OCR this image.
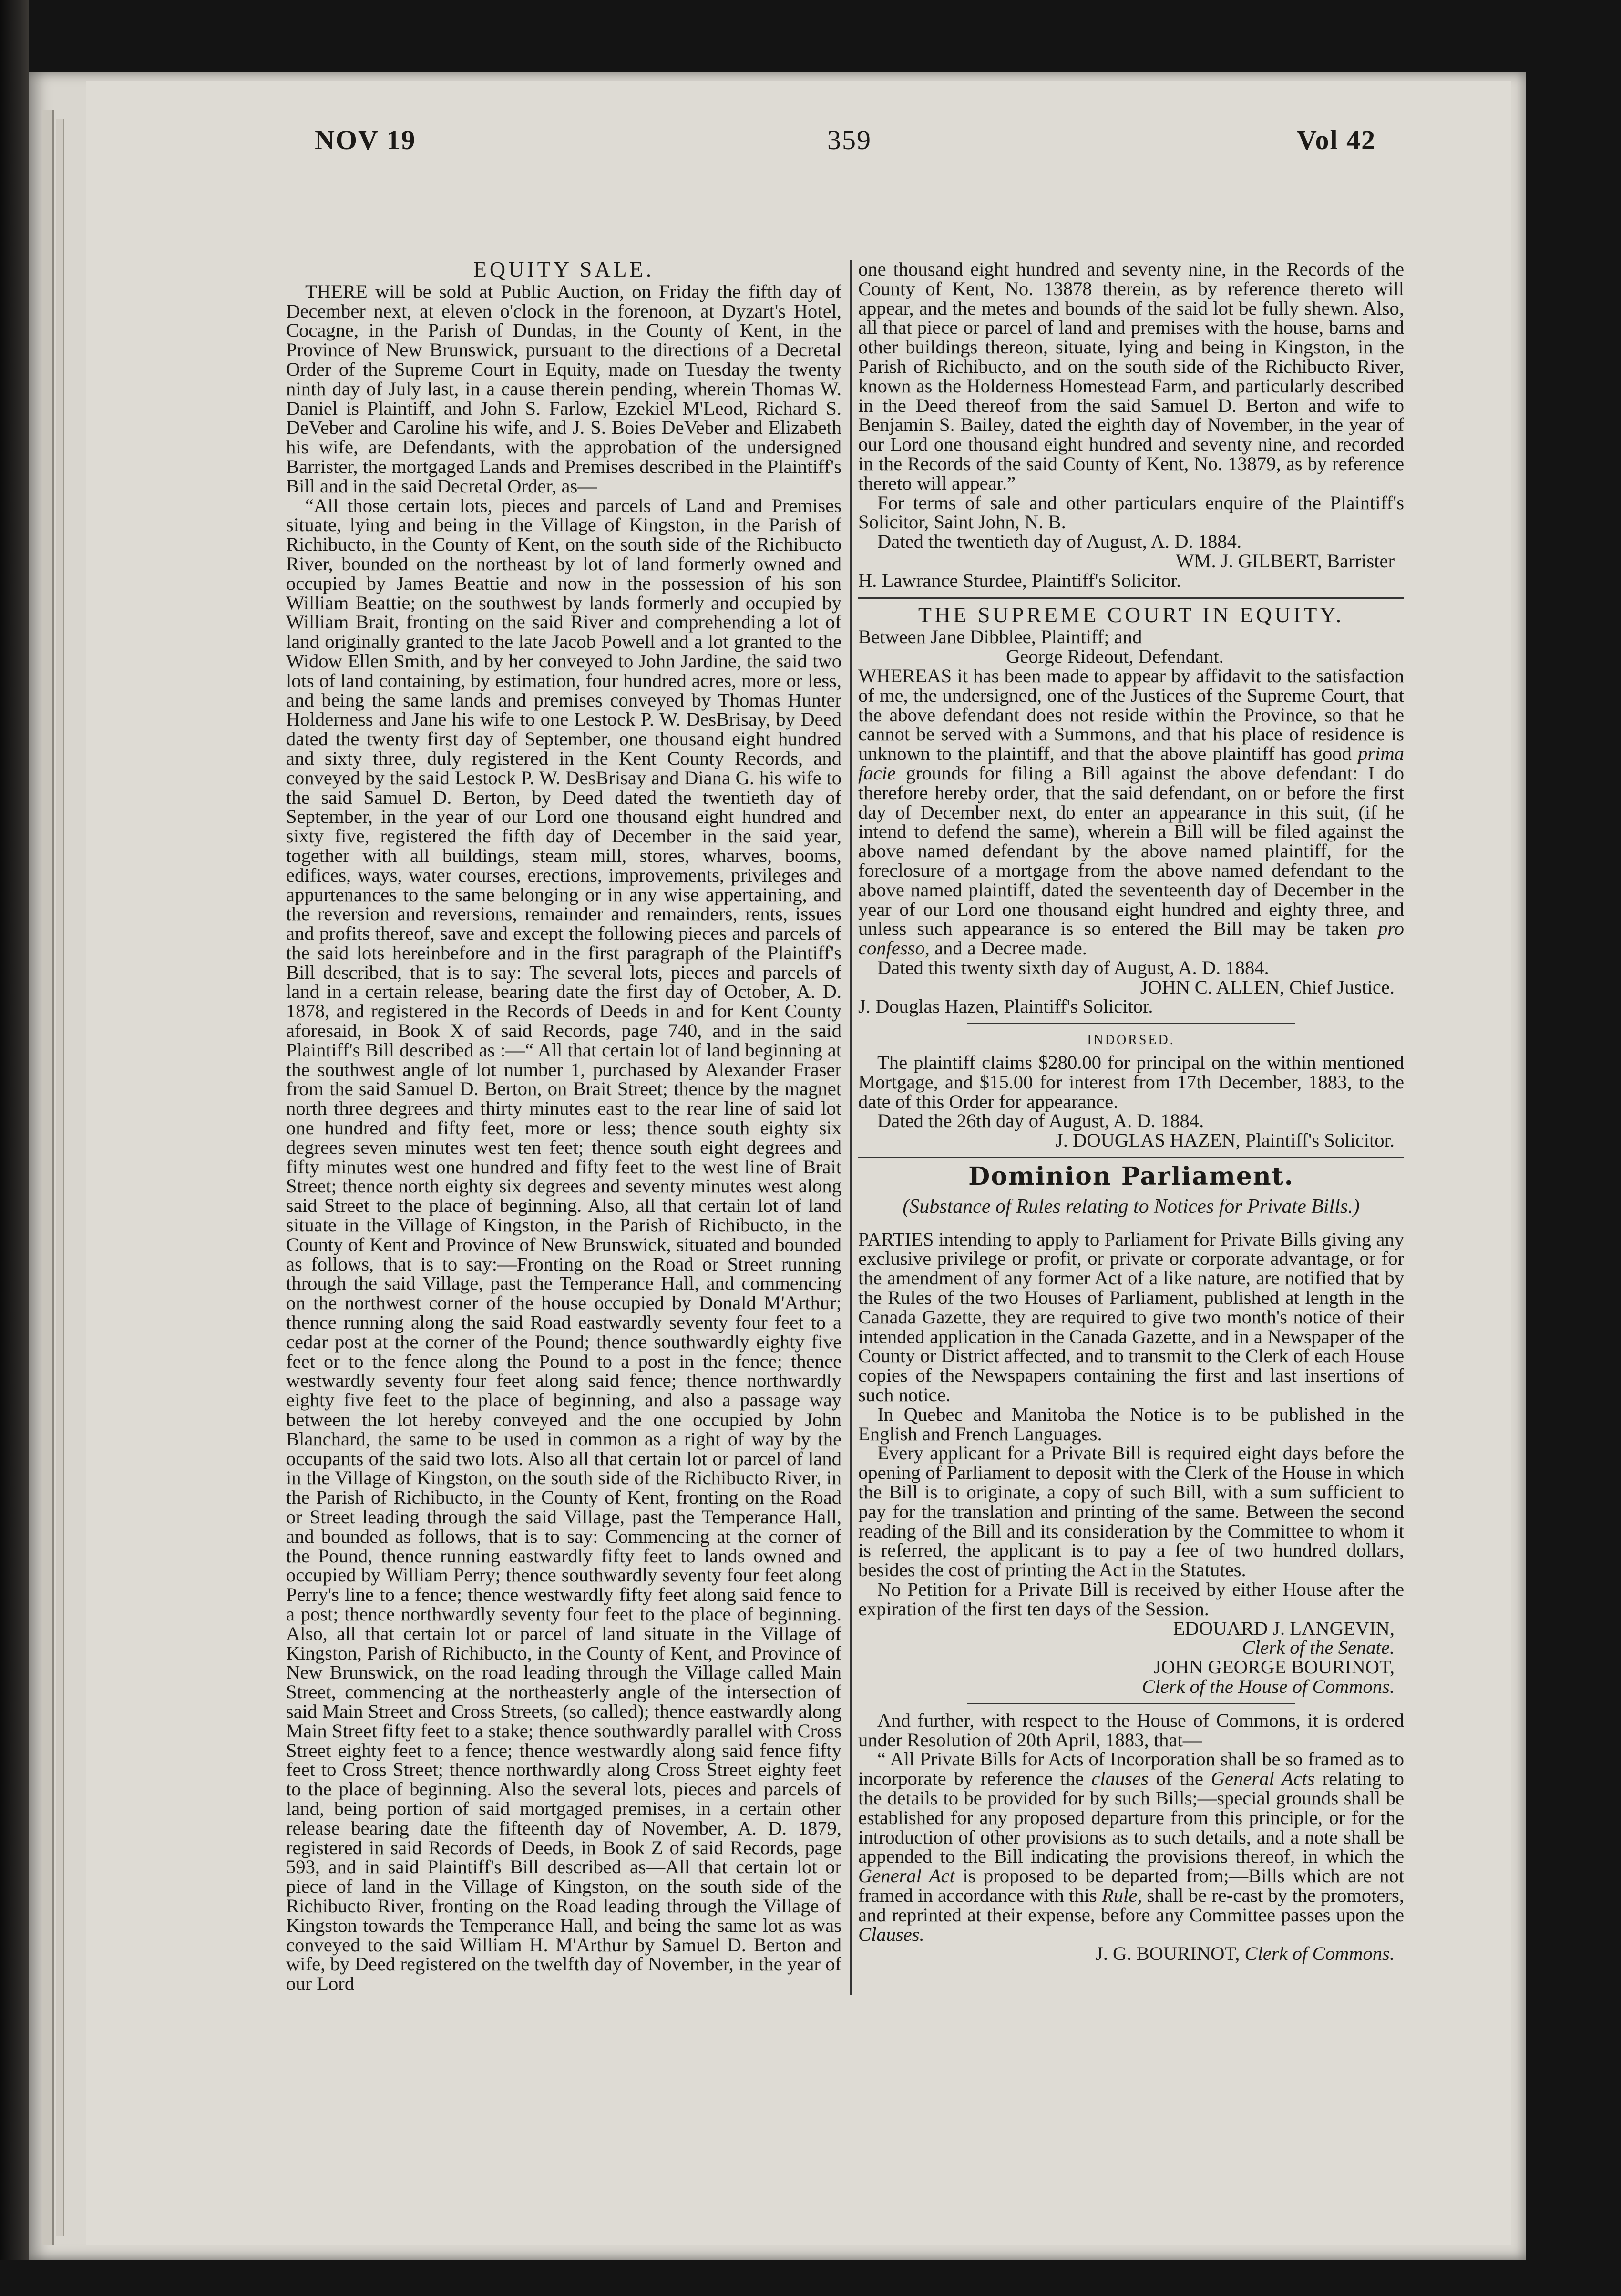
NOV 19	359	Vol 42
EQUITY SALE.

THERE will be sold at Public Auction, on Friday the fifth day of December next, at eleven o'clock in the forenoon, at Dyzart's Hotel, Cocagne, in the Parish of Dundas, in the County of Kent, in the Province of New Brunswick, pursuant to the directions of a Decretal Order of the Supreme Court in Equity, made on Tuesday the twenty ninth day of July last, in a cause therein pending, wherein Thomas W. Daniel is Plaintiff, and John S. Farlow, Ezekiel M'Leod, Richard S. DeVeber and Caroline his wife, and J. S. Boies DeVeber and Elizabeth his wife, are Defendants, with the approbation of the undersigned Barrister, the mortgaged Lands and Premises described in the Plaintiff's Bill and in the said Decretal Order, as—

“All those certain lots, pieces and parcels of Land and Premises situate, lying and being in the Village of Kingston, in the Parish of Richibucto, in the County of Kent, on the south side of the Richibucto River, bounded on the northeast by lot of land formerly owned and occupied by James Beattie and now in the possession of his son William Beattie; on the southwest by lands formerly and occupied by William Brait, fronting on the said River and comprehending a lot of land originally granted to the late Jacob Powell and a lot granted to the Widow Ellen Smith, and by her conveyed to John Jardine, the said two lots of land containing, by estimation, four hundred acres, more or less, and being the same lands and premises conveyed by Thomas Hunter Holderness and Jane his wife to one Lestock P. W. DesBrisay, by Deed dated the twenty first day of September, one thousand eight hundred and sixty three, duly registered in the Kent County Records, and conveyed by the said Lestock P. W. DesBrisay and Diana G. his wife to the said Samuel D. Berton, by Deed dated the twentieth day of September, in the year of our Lord one thousand eight hundred and sixty five, registered the fifth day of December in the said year, together with all buildings, steam mill, stores, wharves, booms, edifices, ways, water courses, erections, improvements, privileges and appurtenances to the same belonging or in any wise appertaining, and the reversion and reversions, remainder and remainders, rents, issues and profits thereof, save and except the following pieces and parcels of the said lots hereinbefore and in the first paragraph of the Plaintiff's Bill described, that is to say: The several lots, pieces and parcels of land in a certain release, bearing date the first day of October, A. D. 1878, and registered in the Records of Deeds in and for Kent County aforesaid, in Book X of said Records, page 740, and in the said Plaintiff's Bill described as :—“ All that certain lot of land beginning at the southwest angle of lot number 1, purchased by Alexander Fraser from the said Samuel D. Berton, on Brait Street; thence by the magnet north three degrees and thirty minutes east to the rear line of said lot one hundred and fifty feet, more or less; thence south eighty six degrees seven minutes west ten feet; thence south eight degrees and fifty minutes west one hundred and fifty feet to the west line of Brait Street; thence north eighty six degrees and seventy minutes west along said Street to the place of beginning. Also, all that certain lot of land situate in the Village of Kingston, in the Parish of Richibucto, in the County of Kent and Province of New Brunswick, situated and bounded as follows, that is to say:—Fronting on the Road or Street running through the said Village, past the Temperance Hall, and commencing on the northwest corner of the house occupied by Donald M'Arthur; thence running along the said Road eastwardly seventy four feet to a cedar post at the corner of the Pound; thence southwardly eighty five feet or to the fence along the Pound to a post in the fence; thence westwardly seventy four feet along said fence; thence northwardly eighty five feet to the place of beginning, and also a passage way between the lot hereby conveyed and the one occupied by John Blanchard, the same to be used in common as a right of way by the occupants of the said two lots. Also all that certain lot or parcel of land in the Village of Kingston, on the south side of the Richibucto River, in the Parish of Richibucto, in the County of Kent, fronting on the Road or Street leading through the said Village, past the Temperance Hall, and bounded as follows, that is to say: Commencing at the corner of the Pound, thence running eastwardly fifty feet to lands owned and occupied by William Perry; thence southwardly seventy four feet along Perry's line to a fence; thence westwardly fifty feet along said fence to a post; thence northwardly seventy four feet to the place of beginning. Also, all that certain lot or parcel of land situate in the Village of Kingston, Parish of Richibucto, in the County of Kent, and Province of New Brunswick, on the road leading through the Village called Main Street, commencing at the northeasterly angle of the intersection of said Main Street and Cross Streets, (so called); thence eastwardly along Main Street fifty feet to a stake; thence southwardly parallel with Cross Street eighty feet to a fence; thence westwardly along said fence fifty feet to Cross Street; thence northwardly along Cross Street eighty feet to the place of beginning. Also the several lots, pieces and parcels of land, being portion of said mortgaged premises, in a certain other release bearing date the fifteenth day of November, A. D. 1879, registered in said Records of Deeds, in Book Z of said Records, page 593, and in said Plaintiff's Bill described as—All that certain lot or piece of land in the Village of Kingston, on the south side of the Richibucto River, fronting on the Road leading through the Village of Kingston towards the Temperance Hall, and being the same lot as was conveyed to the said William H. M'Arthur by Samuel D. Berton and wife, by Deed registered on the twelfth day of November, in the year of our Lord

one thousand eight hundred and seventy nine, in the Records of the County of Kent, No. 13878 therein, as by reference thereto will appear, and the metes and bounds of the said lot be fully shewn. Also, all that piece or parcel of land and premises with the house, barns and other buildings thereon, situate, lying and being in Kingston, in the Parish of Richibucto, and on the south side of the Richibucto River, known as the Holderness Homestead Farm, and particularly described in the Deed thereof from the said Samuel D. Berton and wife to Benjamin S. Bailey, dated the eighth day of November, in the year of our Lord one thousand eight hundred and seventy nine, and recorded in the Records of the said County of Kent, No. 13879, as by reference thereto will appear.”

For terms of sale and other particulars enquire of the Plaintiff's Solicitor, Saint John, N. B.

Dated the twentieth day of August, A. D. 1884.

WM. J. GILBERT, Barrister
H. Lawrance Sturdee, Plaintiff's Solicitor.
THE SUPREME COURT IN EQUITY.
Between Jane Dibblee, Plaintiff; and
George Rideout, Defendant.

WHEREAS it has been made to appear by affidavit to the satisfaction of me, the undersigned, one of the Justices of the Supreme Court, that the above defendant does not reside within the Province, so that he cannot be served with a Summons, and that his place of residence is unknown to the plaintiff, and that the above plaintiff has good prima facie grounds for filing a Bill against the above defendant: I do therefore hereby order, that the said defendant, on or before the first day of December next, do enter an appearance in this suit, (if he intend to defend the same), wherein a Bill will be filed against the above named defendant by the above named plaintiff, for the foreclosure of a mortgage from the above named defendant to the above named plaintiff, dated the seventeenth day of December in the year of our Lord one thousand eight hundred and eighty three, and unless such appearance is so entered the Bill may be taken pro confesso, and a Decree made.

Dated this twenty sixth day of August, A. D. 1884.

JOHN C. ALLEN, Chief Justice.
J. Douglas Hazen, Plaintiff's Solicitor.
INDORSED.

The plaintiff claims $280.00 for principal on the within mentioned Mortgage, and $15.00 for interest from 17th December, 1883, to the date of this Order for appearance.

Dated the 26th day of August, A. D. 1884.

J. DOUGLAS HAZEN, Plaintiff's Solicitor.
Dominion Parliament.
(Substance of Rules relating to Notices for Private Bills.)

PARTIES intending to apply to Parliament for Private Bills giving any exclusive privilege or profit, or private or corporate advantage, or for the amendment of any former Act of a like nature, are notified that by the Rules of the two Houses of Parliament, published at length in the Canada Gazette, they are required to give two month's notice of their intended application in the Canada Gazette, and in a Newspaper of the County or District affected, and to transmit to the Clerk of each House copies of the Newspapers containing the first and last insertions of such notice.

In Quebec and Manitoba the Notice is to be published in the English and French Languages.

Every applicant for a Private Bill is required eight days before the opening of Parliament to deposit with the Clerk of the House in which the Bill is to originate, a copy of such Bill, with a sum sufficient to pay for the translation and printing of the same. Between the second reading of the Bill and its consideration by the Committee to whom it is referred, the applicant is to pay a fee of two hundred dollars, besides the cost of printing the Act in the Statutes.

No Petition for a Private Bill is received by either House after the expiration of the first ten days of the Session.

EDOUARD J. LANGEVIN,
Clerk of the Senate.
JOHN GEORGE BOURINOT,
Clerk of the House of Commons.

And further, with respect to the House of Commons, it is ordered under Resolution of 20th April, 1883, that—

“ All Private Bills for Acts of Incorporation shall be so framed as to incorporate by reference the clauses of the General Acts relating to the details to be provided for by such Bills;—special grounds shall be established for any proposed departure from this principle, or for the introduction of other provisions as to such details, and a note shall be appended to the Bill indicating the provisions thereof, in which the General Act is proposed to be departed from;—Bills which are not framed in accordance with this Rule, shall be re-cast by the promoters, and reprinted at their expense, before any Committee passes upon the Clauses.

J. G. BOURINOT, Clerk of Commons.
